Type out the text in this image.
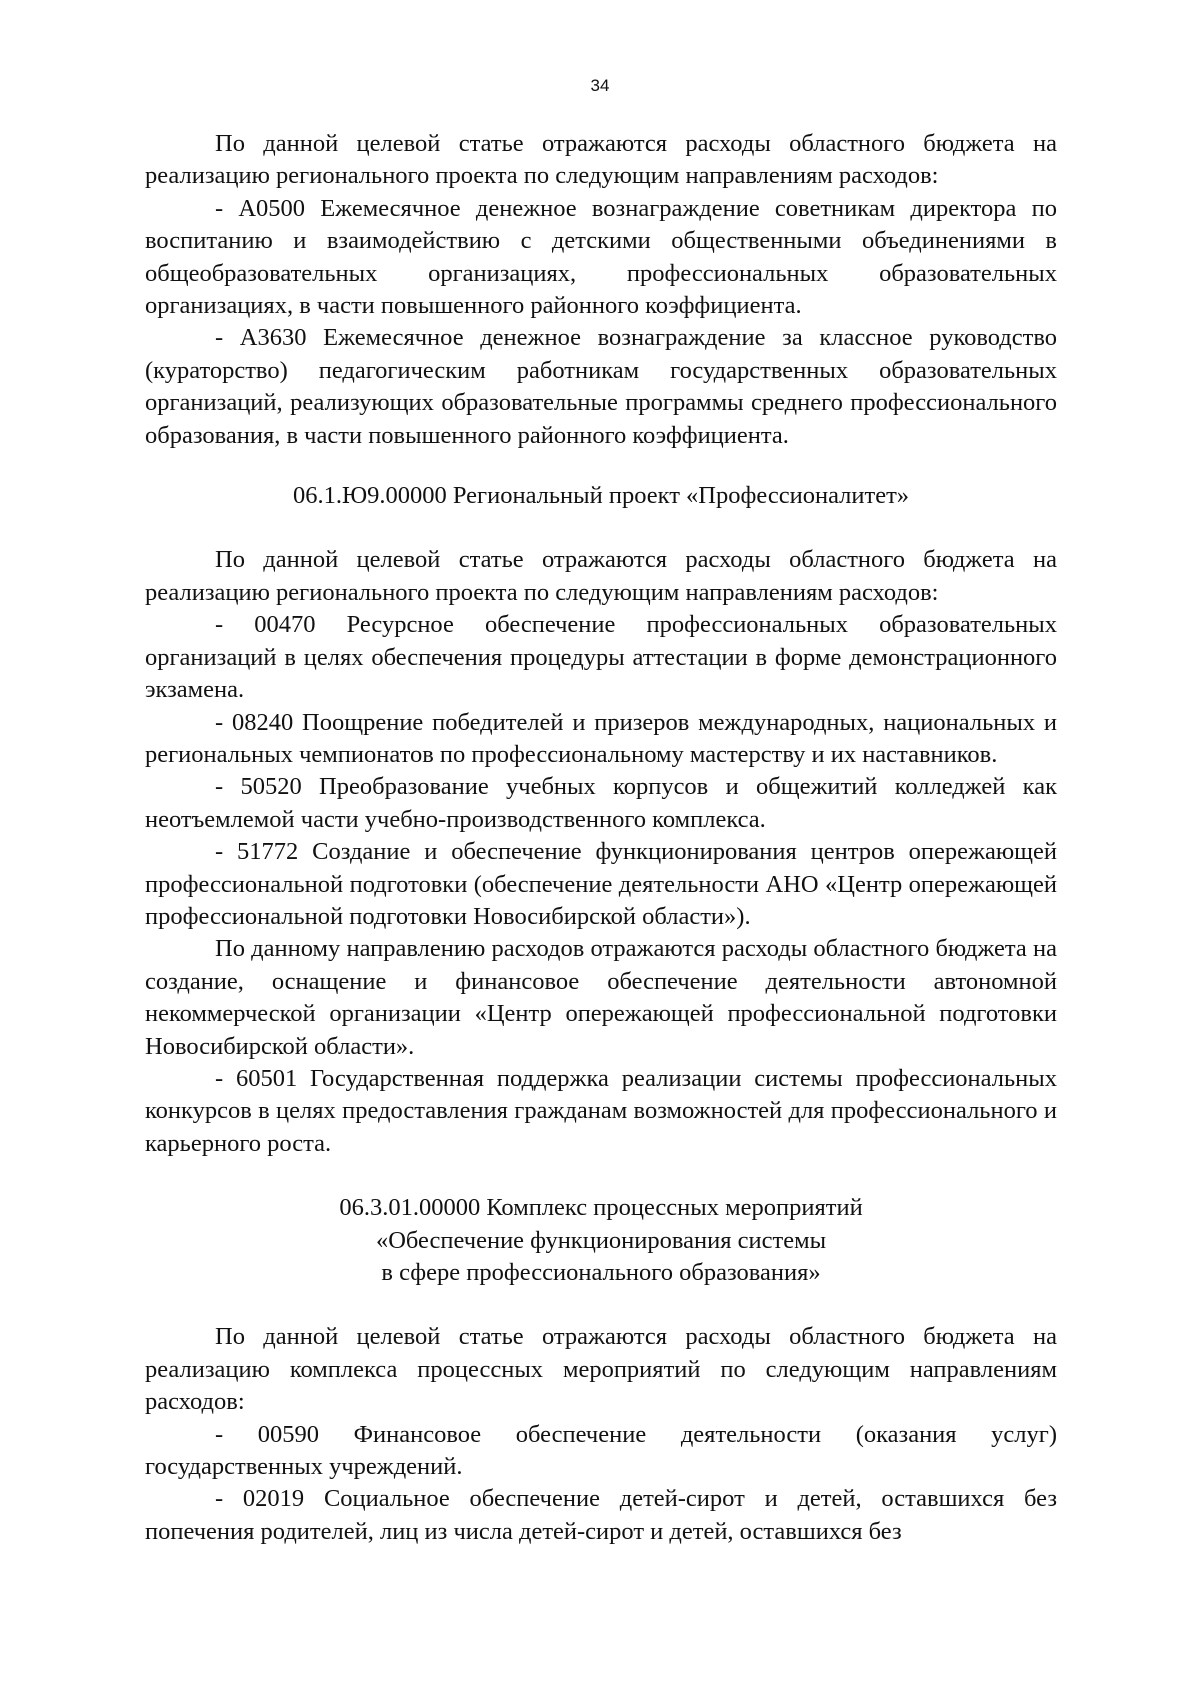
34

По данной целевой статье отражаются расходы областного бюджета на реализацию регионального проекта по следующим направлениям расходов:

- А0500 Ежемесячное денежное вознаграждение советникам директора по воспитанию и взаимодействию с детскими общественными объединениями в общеобразовательных организациях, профессиональных образовательных организациях, в части повышенного районного коэффициента.

- А3630 Ежемесячное денежное вознаграждение за классное руководство (кураторство) педагогическим работникам государственных образовательных организаций, реализующих образовательные программы среднего профессионального образования, в части повышенного районного коэффициента.

06.1.Ю9.00000 Региональный проект «Профессионалитет»

По данной целевой статье отражаются расходы областного бюджета на реализацию регионального проекта по следующим направлениям расходов:

- 00470 Ресурсное обеспечение профессиональных образовательных организаций в целях обеспечения процедуры аттестации в форме демонстрационного экзамена.

- 08240 Поощрение победителей и призеров международных, национальных и региональных чемпионатов по профессиональному мастерству и их наставников.

- 50520 Преобразование учебных корпусов и общежитий колледжей как неотъемлемой части учебно-производственного комплекса.

- 51772 Создание и обеспечение функционирования центров опережающей профессиональной подготовки (обеспечение деятельности АНО «Центр опережающей профессиональной подготовки Новосибирской области»).

По данному направлению расходов отражаются расходы областного бюджета на создание, оснащение и финансовое обеспечение деятельности автономной некоммерческой организации «Центр опережающей профессиональной подготовки Новосибирской области».

- 60501 Государственная поддержка реализации системы профессиональных конкурсов в целях предоставления гражданам возможностей для профессионального и карьерного роста.

06.3.01.00000 Комплекс процессных мероприятий

«Обеспечение функционирования системы

в сфере профессионального образования»

По данной целевой статье отражаются расходы областного бюджета на реализацию комплекса процессных мероприятий по следующим направлениям расходов:

- 00590 Финансовое обеспечение деятельности (оказания услуг) государственных учреждений.

- 02019 Социальное обеспечение детей-сирот и детей, оставшихся без попечения родителей, лиц из числа детей-сирот и детей, оставшихся без
